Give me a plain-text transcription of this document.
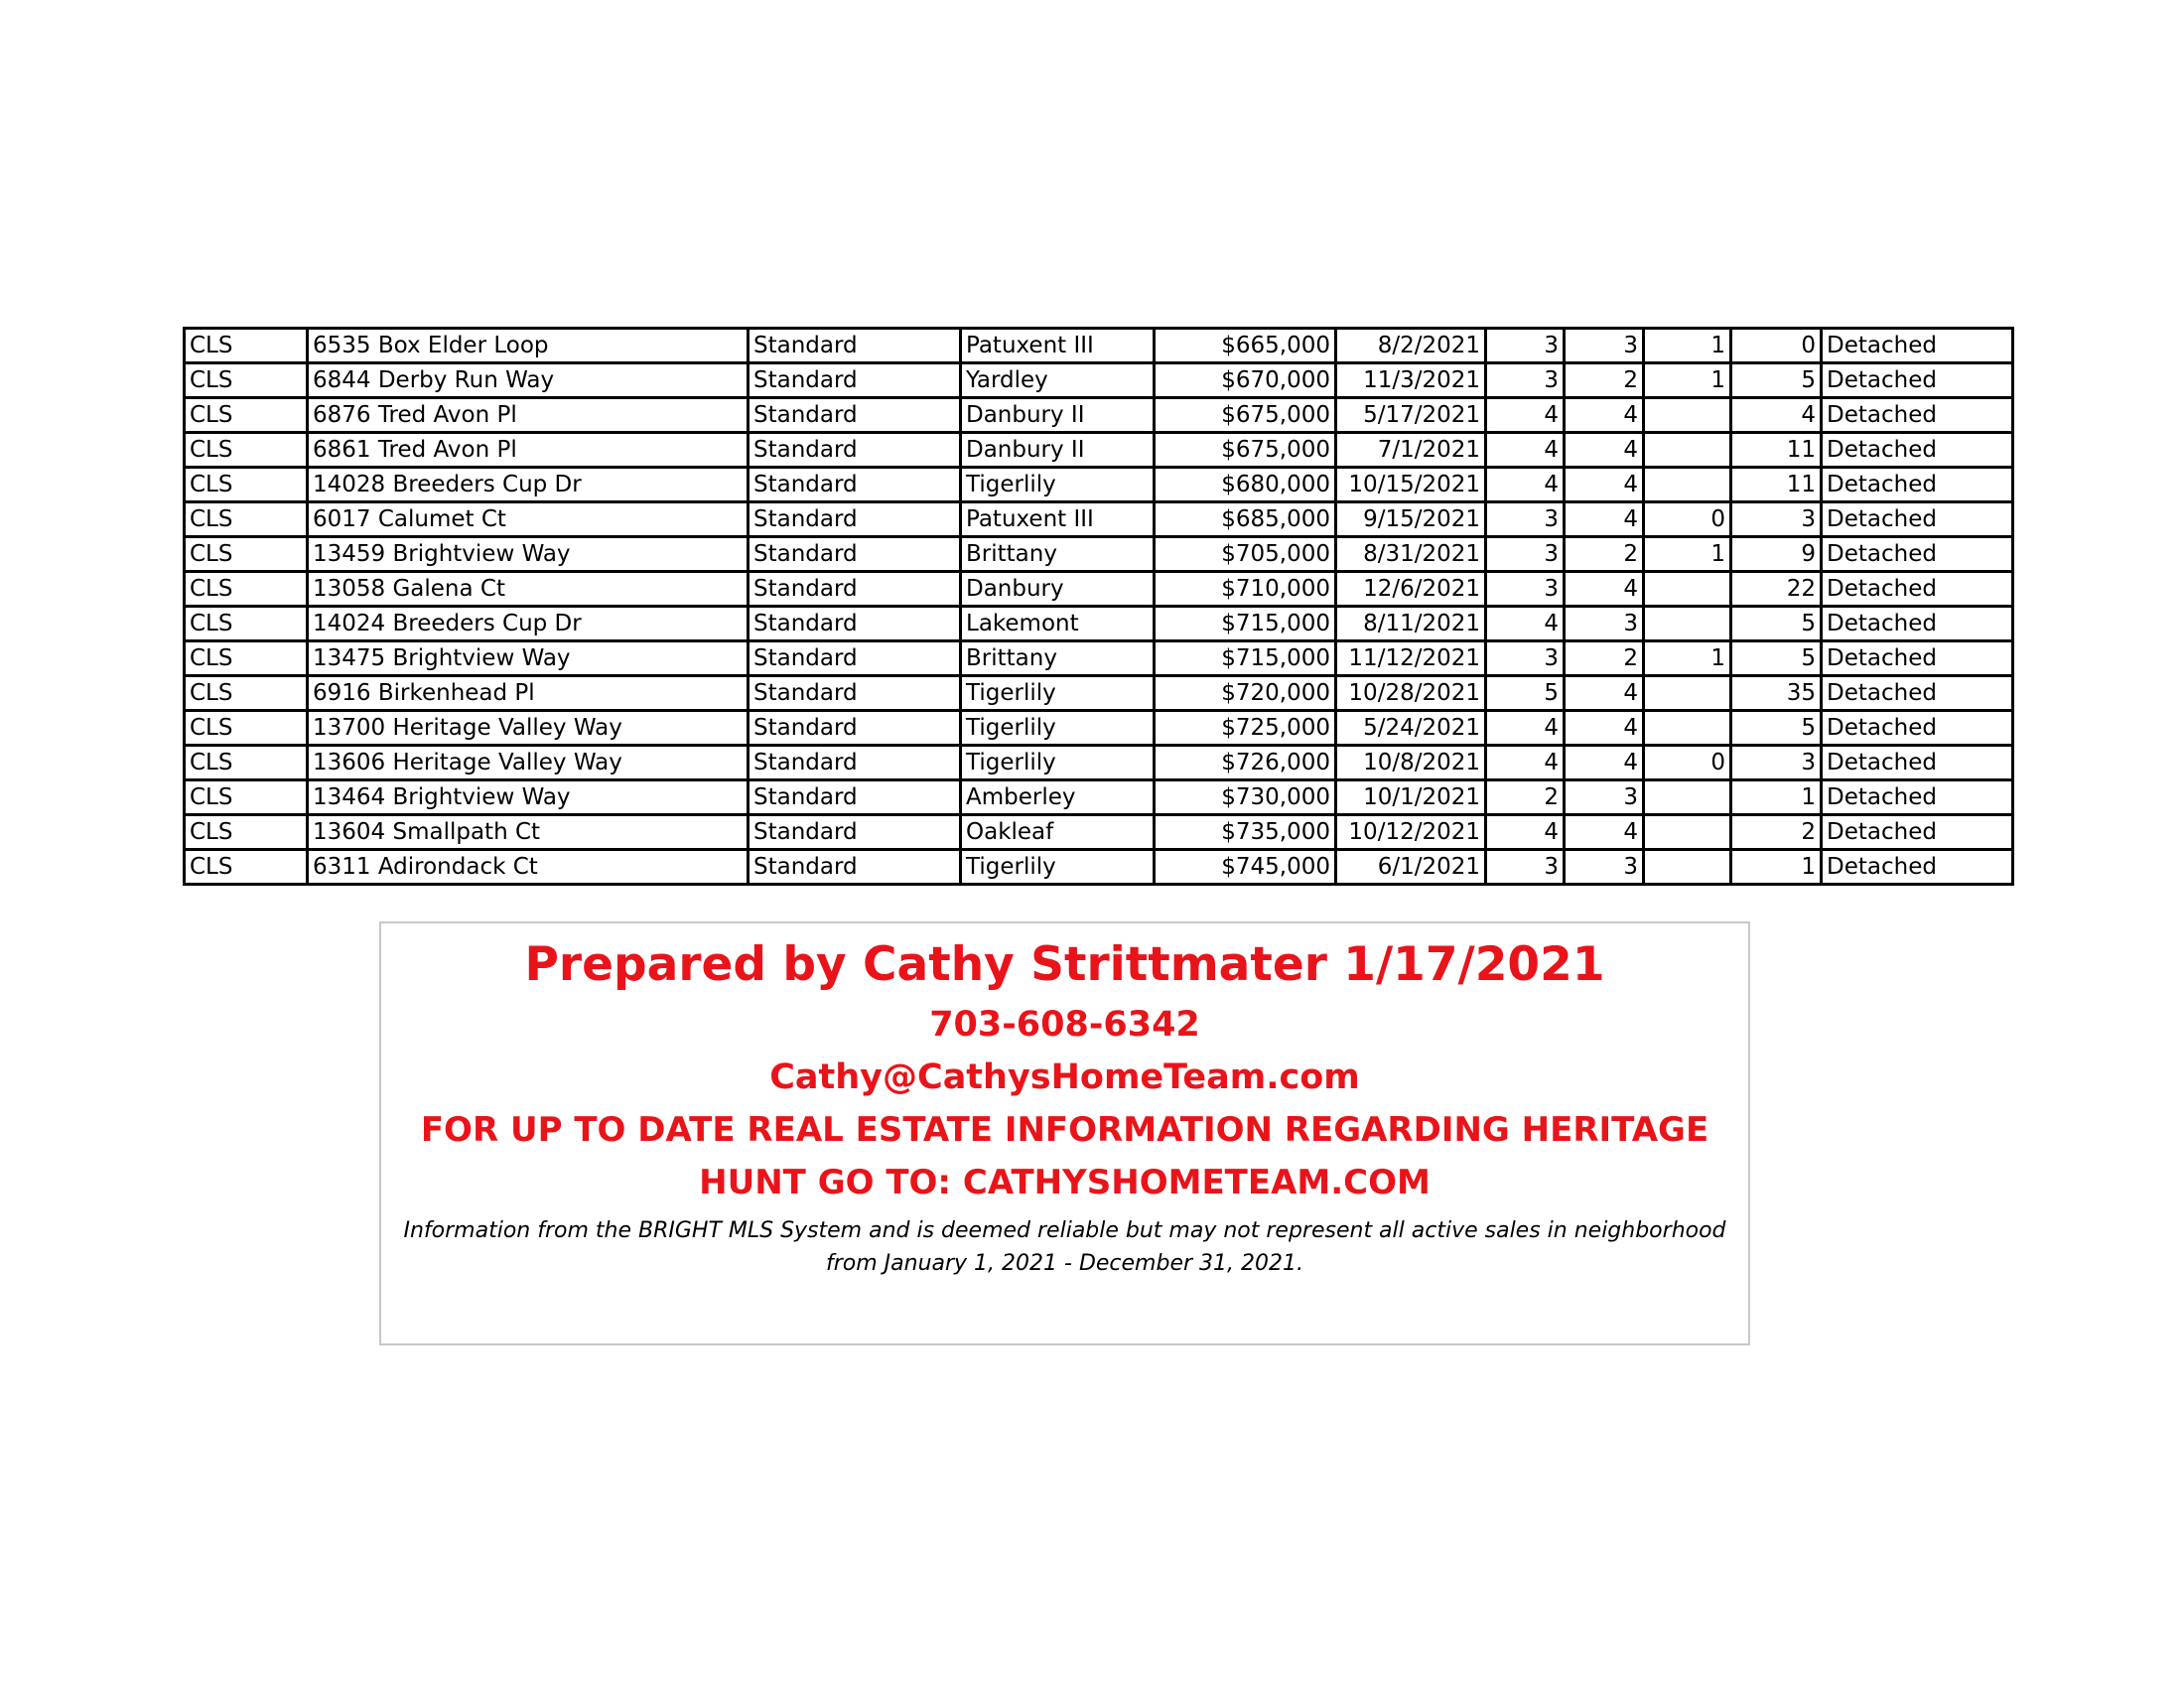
CLS	6535 Box Elder Loop	Standard	Patuxent III	$665,000	8/2/2021	3	3	1	0	Detached
CLS	6844 Derby Run Way	Standard	Yardley	$670,000	11/3/2021	3	2	1	5	Detached
CLS	6876 Tred Avon Pl	Standard	Danbury II	$675,000	5/17/2021	4	4		4	Detached
CLS	6861 Tred Avon Pl	Standard	Danbury II	$675,000	7/1/2021	4	4		11	Detached
CLS	14028 Breeders Cup Dr	Standard	Tigerlily	$680,000	10/15/2021	4	4		11	Detached
CLS	6017 Calumet Ct	Standard	Patuxent III	$685,000	9/15/2021	3	4	0	3	Detached
CLS	13459 Brightview Way	Standard	Brittany	$705,000	8/31/2021	3	2	1	9	Detached
CLS	13058 Galena Ct	Standard	Danbury	$710,000	12/6/2021	3	4		22	Detached
CLS	14024 Breeders Cup Dr	Standard	Lakemont	$715,000	8/11/2021	4	3		5	Detached
CLS	13475 Brightview Way	Standard	Brittany	$715,000	11/12/2021	3	2	1	5	Detached
CLS	6916 Birkenhead Pl	Standard	Tigerlily	$720,000	10/28/2021	5	4		35	Detached
CLS	13700 Heritage Valley Way	Standard	Tigerlily	$725,000	5/24/2021	4	4		5	Detached
CLS	13606 Heritage Valley Way	Standard	Tigerlily	$726,000	10/8/2021	4	4	0	3	Detached
CLS	13464 Brightview Way	Standard	Amberley	$730,000	10/1/2021	2	3		1	Detached
CLS	13604 Smallpath Ct	Standard	Oakleaf	$735,000	10/12/2021	4	4		2	Detached
CLS	6311 Adirondack Ct	Standard	Tigerlily	$745,000	6/1/2021	3	3		1	Detached
Prepared by Cathy Strittmater 1/17/2021
703-608-6342
Cathy@CathysHomeTeam.com
FOR UP TO DATE REAL ESTATE INFORMATION REGARDING HERITAGE
HUNT GO TO: CATHYSHOMETEAM.COM
Information from the BRIGHT MLS System and is deemed reliable but may not represent all active sales in neighborhood from January 1, 2021 - December 31, 2021.
